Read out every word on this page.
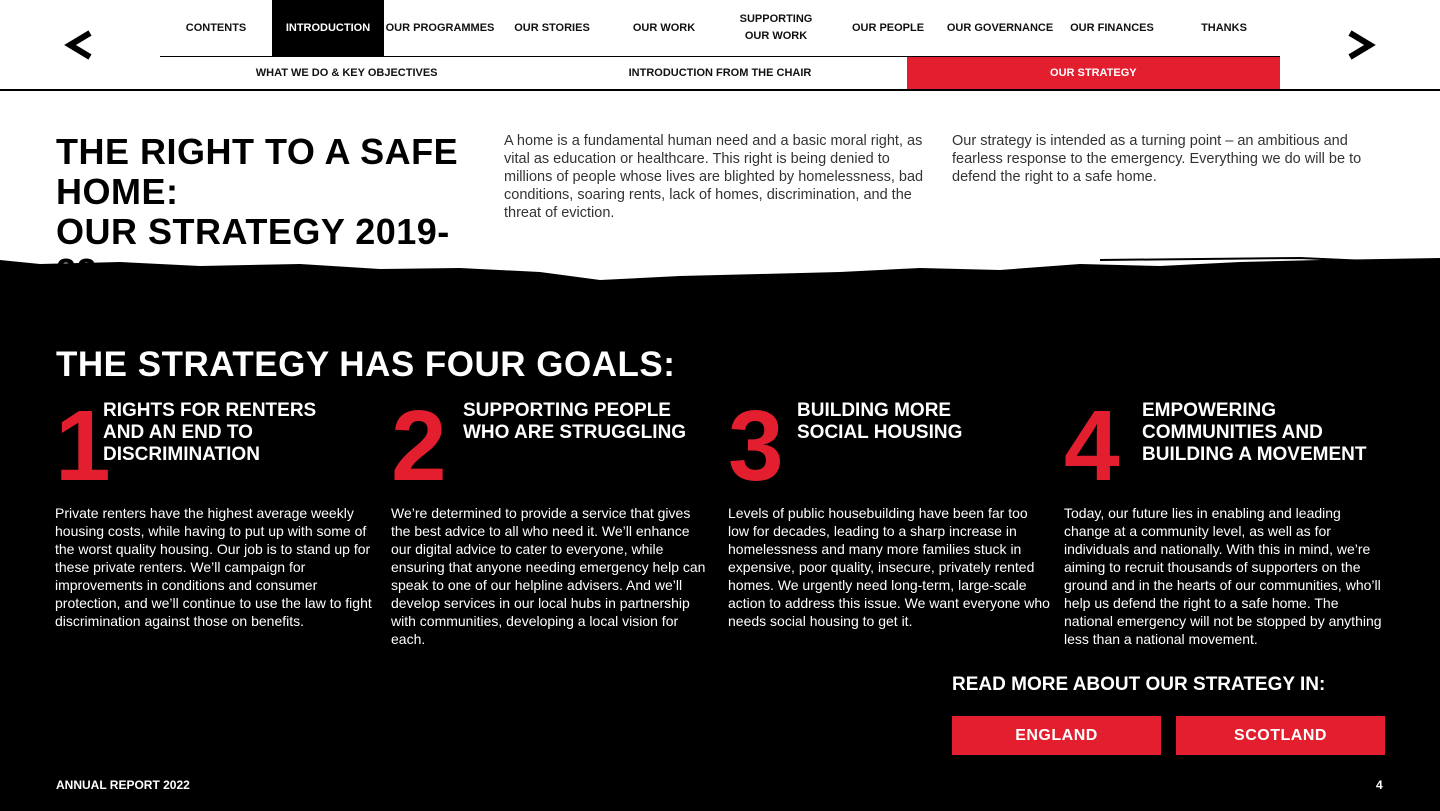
CONTENTS	INTRODUCTION	OUR PROGRAMMES	OUR STORIES	OUR WORK
SUPPORTING
OUR WORK
OUR PEOPLE	OUR GOVERNANCE	OUR FINANCES	THANKS
WHAT WE DO & KEY OBJECTIVES	INTRODUCTION FROM THE CHAIR	OUR STRATEGY
THE RIGHT TO A SAFE HOME:
OUR STRATEGY 2019-

A home is a fundamental human need and a basic moral right, as vital as education or healthcare. This right is being denied to millions of people whose lives are blighted by homelessness, bad conditions, soaring rents, lack of homes, discrimination, and the threat of eviction.

Our strategy is intended as a turning point – an ambitious and fearless response to the emergency. Everything we do will be to defend the right to a safe home.

THE STRATEGY HAS FOUR GOALS:
1
RIGHTS FOR RENTERS
AND AN END TO
DISCRIMINATION

Private renters have the highest average weekly housing costs, while having to put up with some of the worst quality housing. Our job is to stand up for these private renters. We’ll campaign for improvements in conditions and consumer protection, and we’ll continue to use the law to fight discrimination against those on benefits.

2 SUPPORTING PEOPLE
WHO ARE STRUGGLING

We’re determined to provide a service that gives the best advice to all who need it. We’ll enhance our digital advice to cater to everyone, while ensuring that anyone needing emergency help can speak to one of our helpline advisers. And we’ll develop services in our local hubs in partnership with communities, developing a local vision for each.

3 BUILDING MORE
SOCIAL HOUSING

Levels of public housebuilding have been far too low for decades, leading to a sharp increase in homelessness and many more families stuck in expensive, poor quality, insecure, privately rented homes. We urgently need long-term, large-scale action to address this issue. We want everyone who needs social housing to get it.

4 EMPOWERING
COMMUNITIES AND
BUILDING A MOVEMENT

Today, our future lies in enabling and leading change at a community level, as well as for individuals and nationally. With this in mind, we’re aiming to recruit thousands of supporters on the ground and in the hearts of our communities, who’ll help us defend the right to a safe home. The national emergency will not be stopped by anything less than a national movement.

READ MORE ABOUT OUR STRATEGY IN:
ENGLAND	SCOTLAND
ANNUAL REPORT 2022	4
